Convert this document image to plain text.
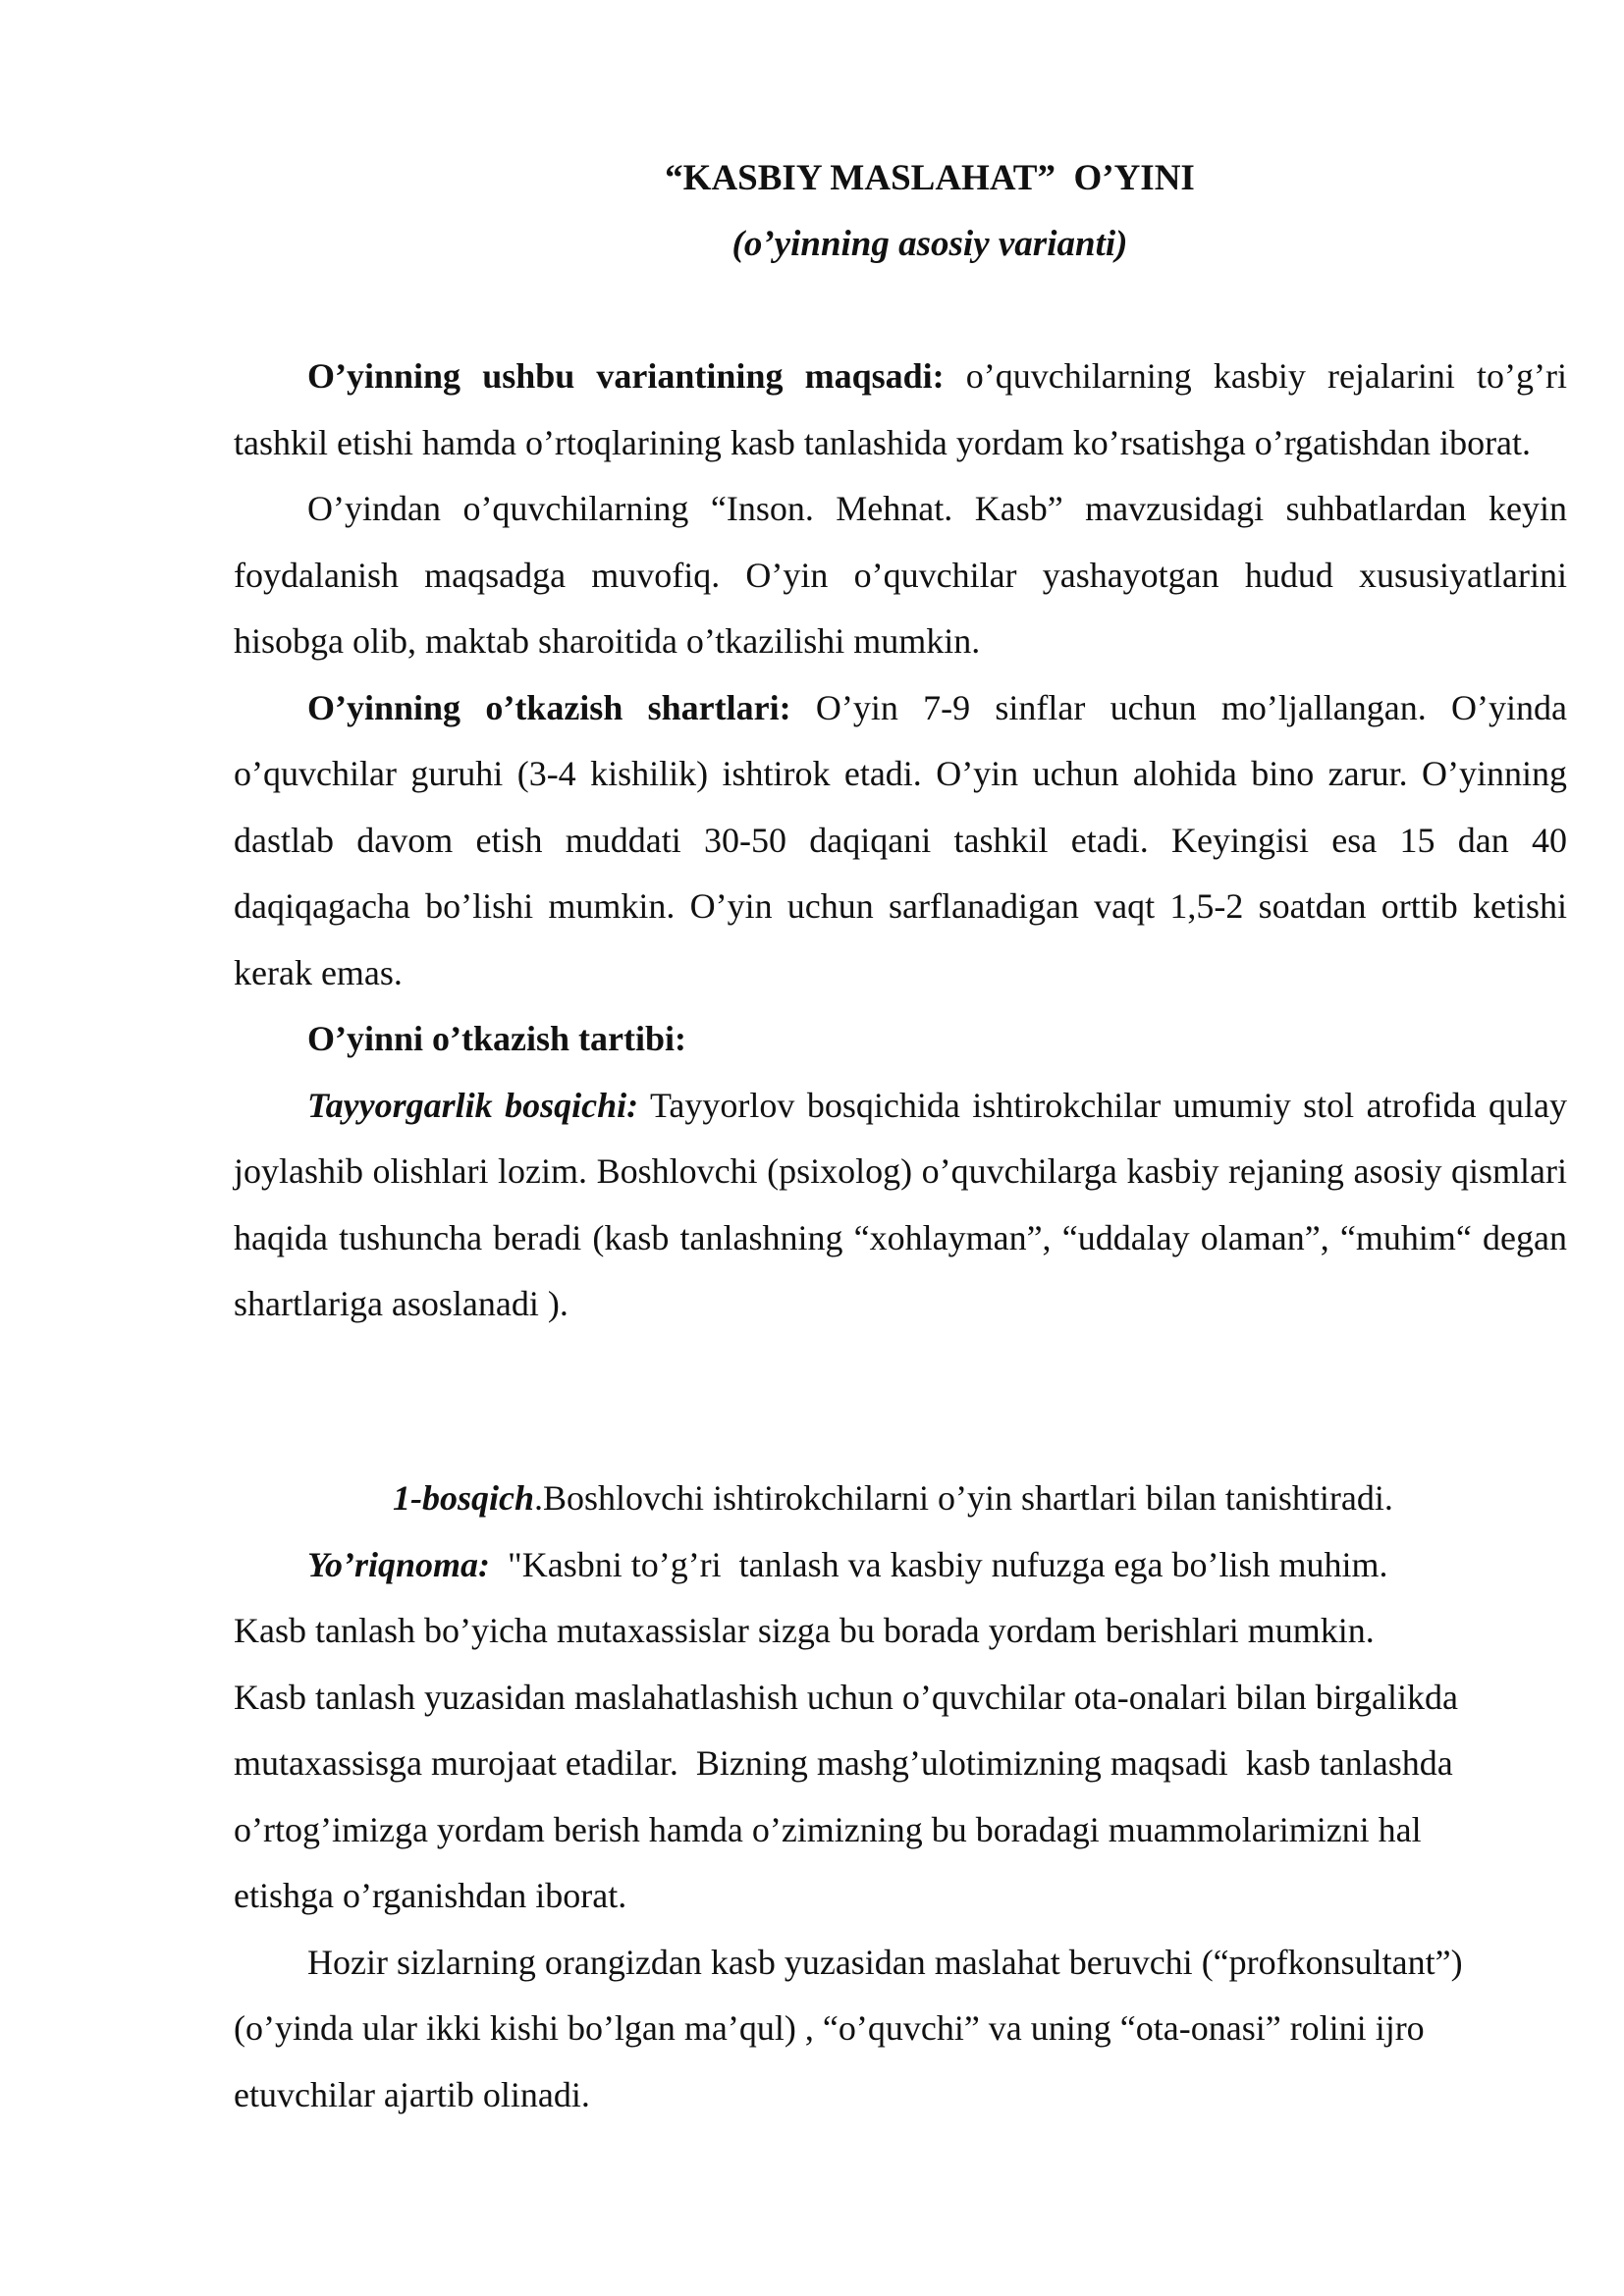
“KASBIY MASLAHAT”  O’YINI
(o’yinning asosiy varianti)

O’yinning ushbu variantining maqsadi: o’quvchilarning kasbiy rejalarini to’g’ri tashkil etishi hamda o’rtoqlarining kasb tanlashida yordam ko’rsatishga o’rgatishdan iborat.

O’yindan o’quvchilarning “Inson. Mehnat. Kasb” mavzusidagi suhbatlardan keyin foydalanish maqsadga muvofiq. O’yin o’quvchilar yashayotgan hudud xususiyatlarini hisobga olib, maktab sharoitida o’tkazilishi mumkin.

O’yinning o’tkazish shartlari: O’yin 7-9 sinflar uchun mo’ljallangan. O’yinda o’quvchilar guruhi (3-4 kishilik) ishtirok etadi. O’yin uchun alohida bino zarur. O’yinning dastlab davom etish muddati 30-50 daqiqani tashkil etadi. Keyingisi esa 15 dan 40 daqiqagacha bo’lishi mumkin. O’yin uchun sarflanadigan vaqt 1,5-2 soatdan orttib ketishi kerak emas.

O’yinni o’tkazish tartibi:

Tayyorgarlik bosqichi: Tayyorlov bosqichida ishtirokchilar umumiy stol atrofida qulay joylashib olishlari lozim. Boshlovchi (psixolog) o’quvchilarga kasbiy rejaning asosiy qismlari haqida tushuncha beradi (kasb tanlashning “xohlayman”, “uddalay olaman”, “muhim“ degan shartlariga asoslanadi ).

1-bosqich.Boshlovchi ishtirokchilarni o’yin shartlari bilan tanishtiradi.

Yo’riqnoma:  "Kasbni to’g’ri  tanlash va kasbiy nufuzga ega bo’lish muhim.

Kasb tanlash bo’yicha mutaxassislar sizga bu borada yordam berishlari mumkin.

Kasb tanlash yuzasidan maslahatlashish uchun o’quvchilar ota-onalari bilan birgalikda

mutaxassisga murojaat etadilar.  Bizning mashg’ulotimizning maqsadi  kasb tanlashda

o’rtog’imizga yordam berish hamda o’zimizning bu boradagi muammolarimizni hal

etishga o’rganishdan iborat.

Hozir sizlarning orangizdan kasb yuzasidan maslahat beruvchi (“profkonsultant”)

(o’yinda ular ikki kishi bo’lgan ma’qul) , “o’quvchi” va uning “ota-onasi” rolini ijro

etuvchilar ajartib olinadi.
